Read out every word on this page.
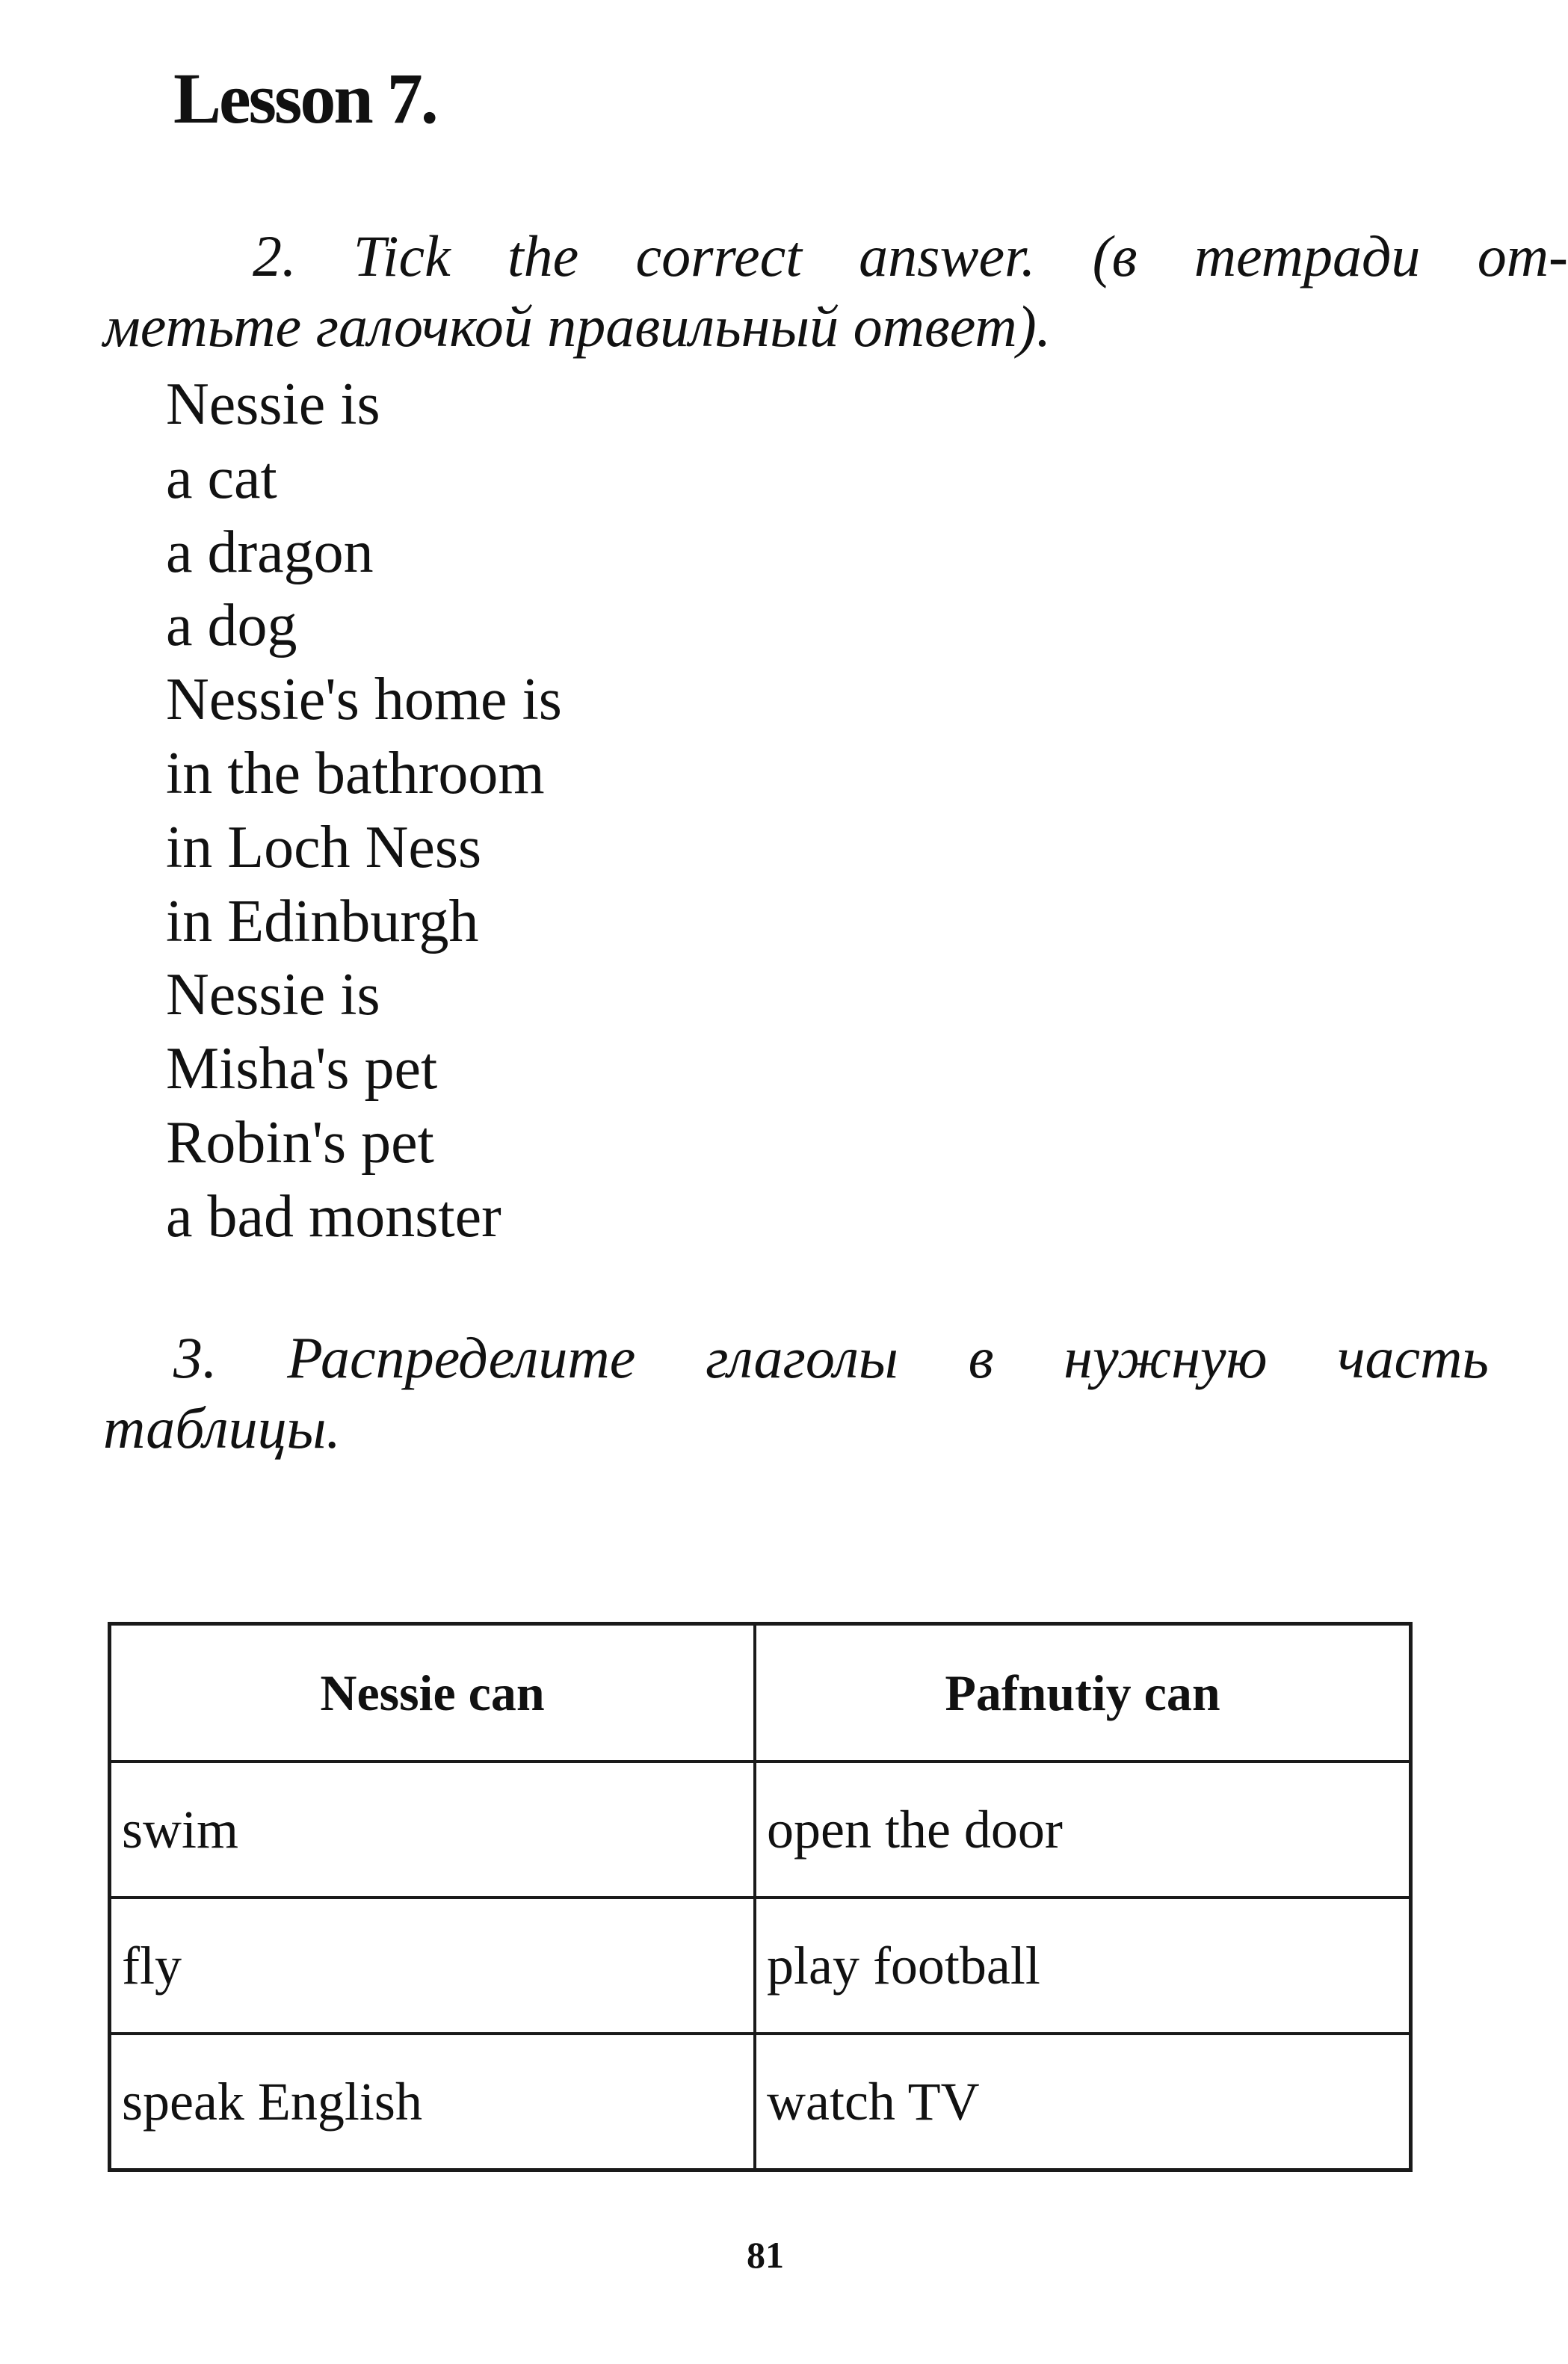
Lesson 7.
2. Tick the correct answer. (в тетради от-
метьте галочкой правильный ответ).
Nessie is
a cat
a dragon
a dog
Nessie's home is
in the bathroom
in Loch Ness
in Edinburgh
Nessie is
Misha's pet
Robin's pet
a bad monster
3. Распределите глаголы в нужную часть
таблицы.
Nessie can	Pafnutiy can
swim	open the door
fly	play football
speak English	watch TV
81
